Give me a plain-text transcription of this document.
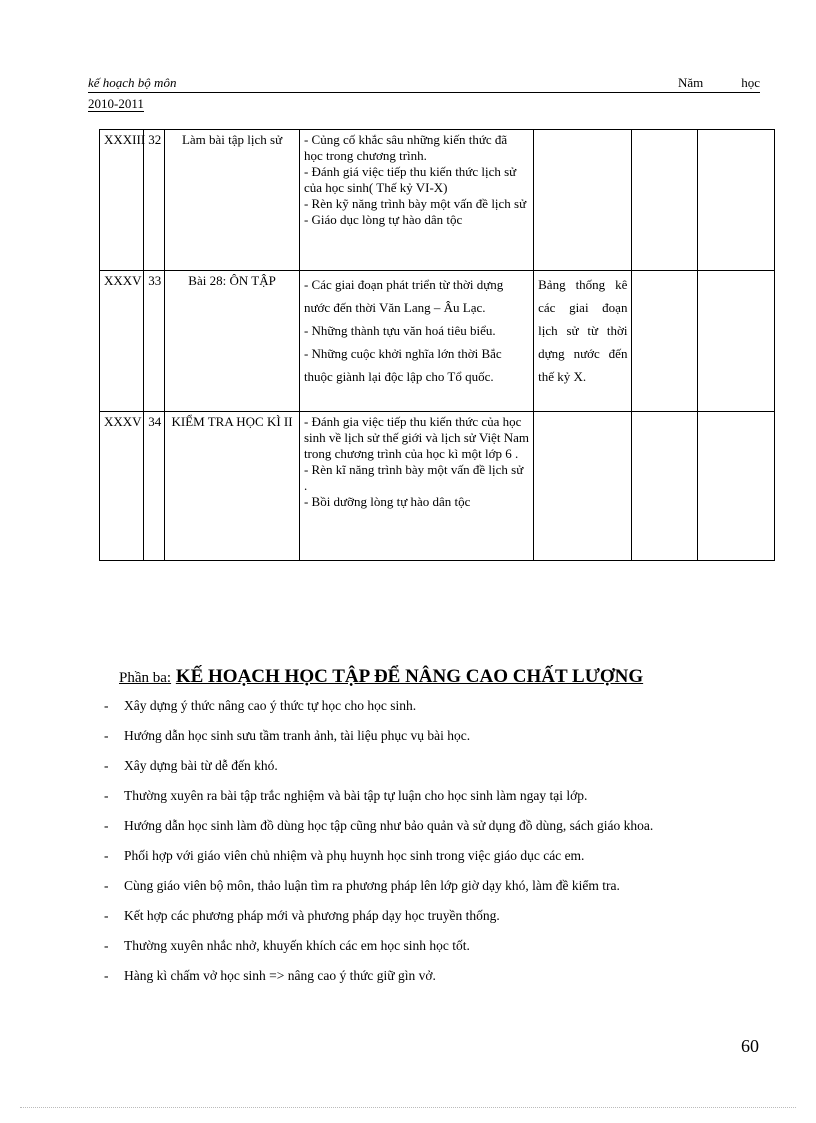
kế hoạch bộ môn	Năm	học
2010-2011
XXXIII	32	Làm bài tập lịch sử	- Củng cố khắc sâu những kiến thức đã học trong chương trình.
- Đánh giá việc tiếp thu kiến thức lịch sử của học sinh( Thế kỷ VI-X)
- Rèn kỹ năng trình bày một vấn đề lịch sử
- Giáo dục lòng tự hào dân tộc			

XXXV	33	Bài 28: ÔN TẬP	- Các giai đoạn phát triển từ thời dựng nước đến thời Văn Lang – Âu Lạc.
- Những thành tựu văn hoá tiêu biểu.
- Những cuộc khởi nghĩa lớn thời Bắc thuộc giành lại độc lập cho Tổ quốc.	Bảng thống kê các giai đoạn lịch sử từ thời dựng nước đến thế kỷ X.		
XXXV	34	KIỂM TRA HỌC KÌ II	- Đánh gia việc tiếp thu kiến thức của học sinh về lịch sử thế giới và lịch sử Việt Nam trong chương trình của học kì một lớp 6 .
- Rèn kĩ năng trình bày một vấn đề lịch sử .
- Bồi dưỡng lòng tự hào dân tộc			

Phần ba: KẾ HOẠCH HỌC TẬP ĐỂ NÂNG CAO CHẤT LƯỢNG
- Xây dựng ý thức nâng cao ý thức tự học cho học sinh.
- Hướng dẫn học sinh sưu tầm tranh ảnh, tài liệu phục vụ bài học.
- Xây dựng bài từ dễ đến khó.
- Thường xuyên ra bài tập trắc nghiệm và bài tập tự luận cho học sinh làm ngay tại lớp.
- Hướng dẫn học sinh làm đồ dùng học tập cũng như bảo quản và sử dụng đồ dùng, sách giáo khoa.
- Phối hợp với giáo viên chủ nhiệm và phụ huynh học sinh trong việc giáo dục các em.
- Cùng giáo viên bộ môn, thảo luận tìm ra phương pháp lên lớp giờ dạy khó, làm đề kiểm tra.
- Kết hợp các phương pháp mới và phương pháp dạy học truyền thống.
- Thường xuyên nhắc nhở, khuyến khích các em học sinh học tốt.
- Hàng kì chấm vở học sinh => nâng cao ý thức giữ gìn vở.
60
